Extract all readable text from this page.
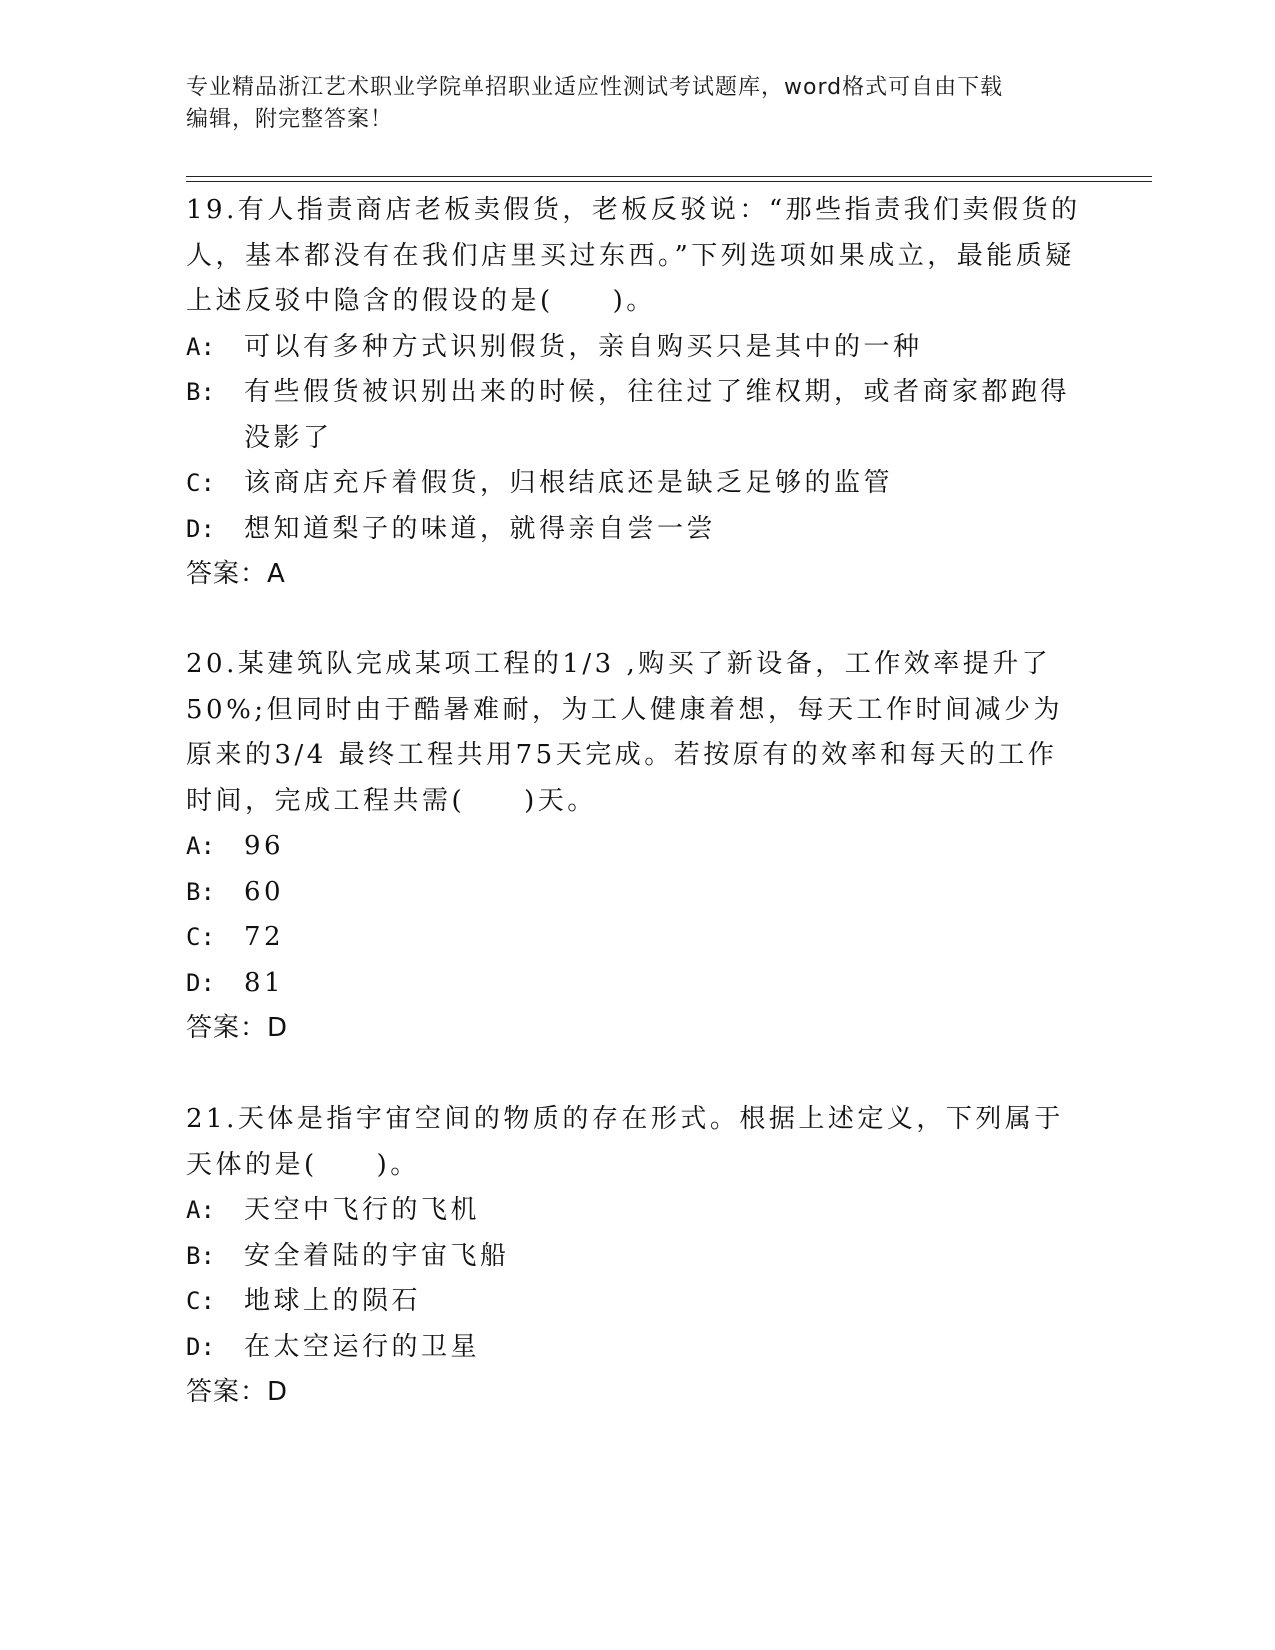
专业精品浙江艺术职业学院单招职业适应性测试考试题库，word格式可自由下载
编辑，附完整答案！

19.有人指责商店老板卖假货，老板反驳说：“那些指责我们卖假货的人，基本都没有在我们店里买过东西。”下列选项如果成立，最能质疑上述反驳中隐含的假设的是(　　)。

A:	可以有多种方式识别假货，亲自购买只是其中的一种
B:	有些假货被识别出来的时候，往往过了维权期，或者商家都跑得没影了
C:	该商店充斥着假货，归根结底还是缺乏足够的监管
D:	想知道梨子的味道，就得亲自尝一尝
答案：A

20.某建筑队完成某项工程的1/3 ,购买了新设备，工作效率提升了50%;但同时由于酷暑难耐，为工人健康着想，每天工作时间减少为原来的3/4 最终工程共用75天完成。若按原有的效率和每天的工作时间，完成工程共需(　　)天。

A:	96
B:	60
C:	72
D:	81
答案：D

21.天体是指宇宙空间的物质的存在形式。根据上述定义，下列属于天体的是(　　)。

A:	天空中飞行的飞机
B:	安全着陆的宇宙飞船
C:	地球上的陨石
D:	在太空运行的卫星
答案：D
